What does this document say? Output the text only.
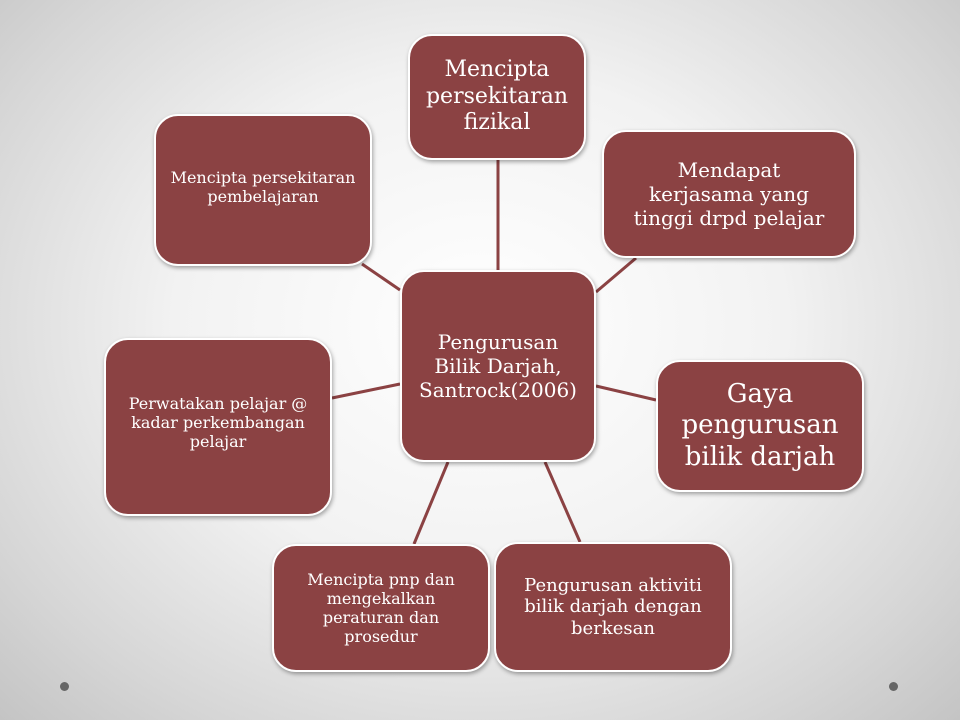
Mencipta
persekitaran
fizikal
Mendapat
kerjasama yang
tinggi drpd pelajar
Mencipta persekitaran
pembelajaran
Gaya
pengurusan
bilik darjah
Perwatakan pelajar @
kadar perkembangan
pelajar
Pengurusan aktiviti
bilik darjah dengan
berkesan
Mencipta pnp dan
mengekalkan
peraturan dan
prosedur
Pengurusan
Bilik Darjah,
Santrock(2006)
